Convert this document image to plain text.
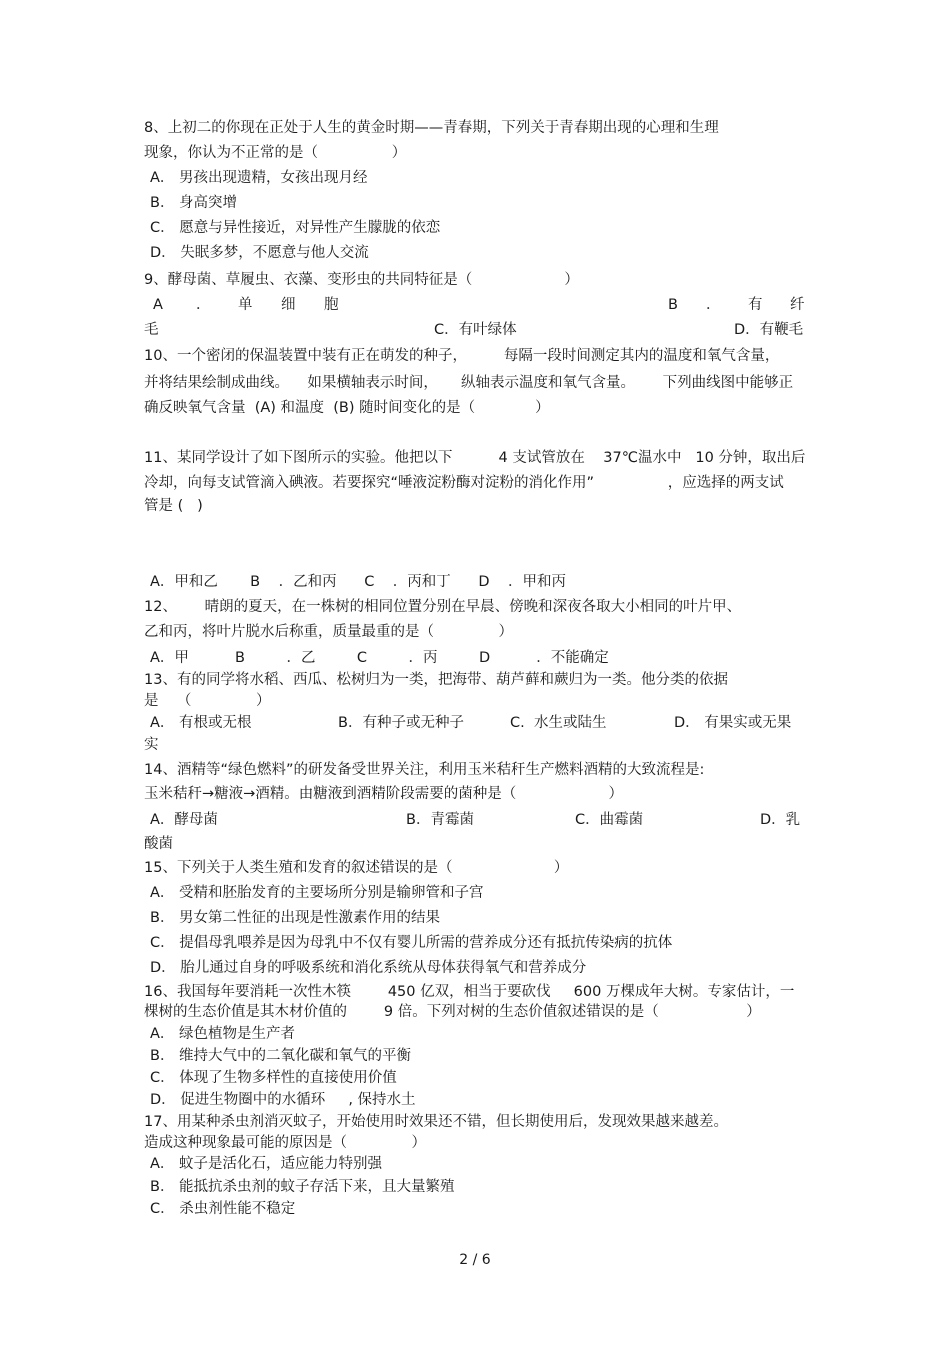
8、上初二的你现在正处于人生的黄金时期——青春期，下列关于青春期出现的心理和生理
现象，你认为不正常的是（                ）
A． 男孩出现遗精，女孩出现月经
B． 身高突增
C． 愿意与异性接近，对异性产生朦胧的依恋
D． 失眠多梦，不愿意与他人交流
9、酵母菌、草履虫、衣藻、变形虫的共同特征是（                    ）
A ． 单 细 胞	B ． 有 纤
毛	C．有叶绿体	D．有鞭毛
10、一个密闭的保温装置中装有正在萌发的种子，        每隔一段时间测定其内的温度和氧气含量，
并将结果绘制成曲线。    如果横轴表示时间，     纵轴表示温度和氧气含量。      下列曲线图中能够正
确反映氧气含量  (A) 和温度  (B) 随时间变化的是（             ）
11、某同学设计了如下图所示的实验。他把以下          4 支试管放在    37℃温水中   10 分钟，取出后
冷却，向每支试管滴入碘液。若要探究“唾液淀粉酶对淀粉的消化作用”                ，应选择的两支试
管是 (   )
A．甲和乙       B    ．乙和丙      C    ．丙和丁      D    ．甲和丙
12、      晴朗的夏天，在一株树的相同位置分别在早晨、傍晚和深夜各取大小相同的叶片甲、
乙和丙，将叶片脱水后称重，质量最重的是（              ）
A．甲          B         ．乙         C         ．丙         D          ．不能确定
13、有的同学将水稻、西瓜、松树归为一类，把海带、葫芦藓和蕨归为一类。他分类的依据
是    （              ）
A． 有根或无根	B．有种子或无种子	C.  水生或陆生	D． 有果实或无果
实
14、酒精等“绿色燃料”的研发备受世界关注，利用玉米秸秆生产燃料酒精的大致流程是:
玉米秸秆→糖液→酒精。由糖液到酒精阶段需要的菌种是（                    ）
A．酵母菌	B．青霉菌	C．曲霉菌	D．乳
酸菌
15、下列关于人类生殖和发育的叙述错误的是（                      ）
A． 受精和胚胎发育的主要场所分别是输卵管和子宫
B． 男女第二性征的出现是性激素作用的结果
C． 提倡母乳喂养是因为母乳中不仅有婴儿所需的营养成分还有抵抗传染病的抗体
D． 胎儿通过自身的呼吸系统和消化系统从母体获得氧气和营养成分
16、我国每年要消耗一次性木筷        450 亿双，相当于要砍伐     600 万棵成年大树。专家估计，一
棵树的生态价值是其木材价值的        9 倍。下列对树的生态价值叙述错误的是（                   ）
A． 绿色植物是生产者
B． 维持大气中的二氧化碳和氧气的平衡
C． 体现了生物多样性的直接使用价值
D． 促进生物圈中的水循环     , 保持水土
17、用某种杀虫剂消灭蚊子，开始使用时效果还不错，但长期使用后，发现效果越来越差。
造成这种现象最可能的原因是（              ）
A． 蚊子是活化石，适应能力特别强
B． 能抵抗杀虫剂的蚊子存活下来，且大量繁殖
C． 杀虫剂性能不稳定
2 / 6
